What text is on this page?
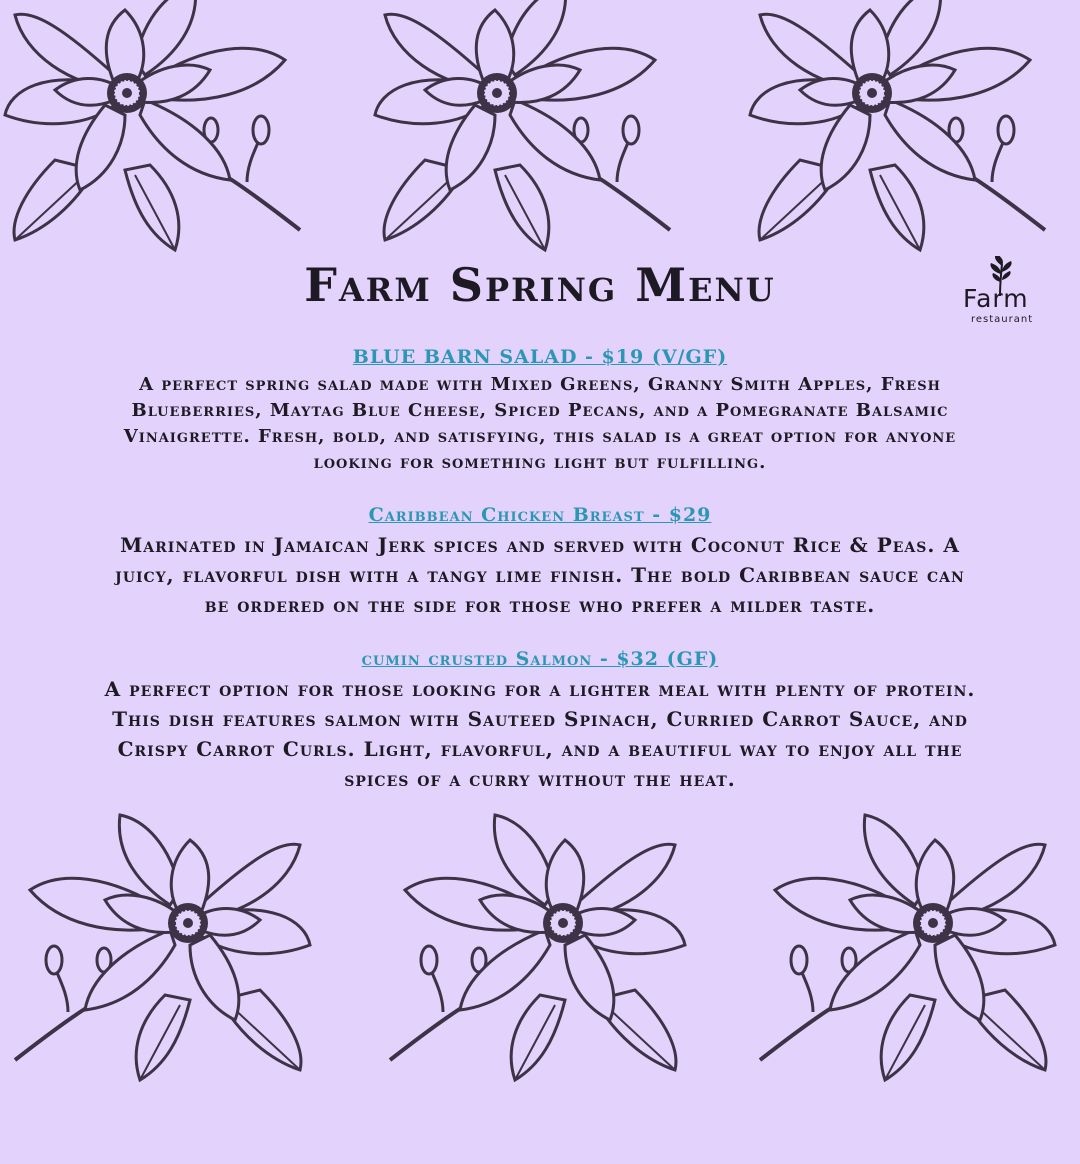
Farm Spring Menu	Farm
restaurant
BLUE BARN SALAD - $19 (V/GF)
A perfect spring salad made with Mixed Greens, Granny Smith Apples, Fresh Blueberries, Maytag Blue Cheese, Spiced Pecans, and a Pomegranate Balsamic Vinaigrette. Fresh, bold, and satisfying, this salad is a great option for anyone looking for something light but fulfilling.
Caribbean Chicken Breast - $29
Marinated in Jamaican Jerk spices and served with Coconut Rice & Peas. A juicy, flavorful dish with a tangy lime finish. The bold Caribbean sauce can be ordered on the side for those who prefer a milder taste.
cumin crusted Salmon - $32 (GF)
A perfect option for those looking for a lighter meal with plenty of protein. This dish features salmon with Sauteed Spinach, Curried Carrot Sauce, and Crispy Carrot Curls. Light, flavorful, and a beautiful way to enjoy all the spices of a curry without the heat.
